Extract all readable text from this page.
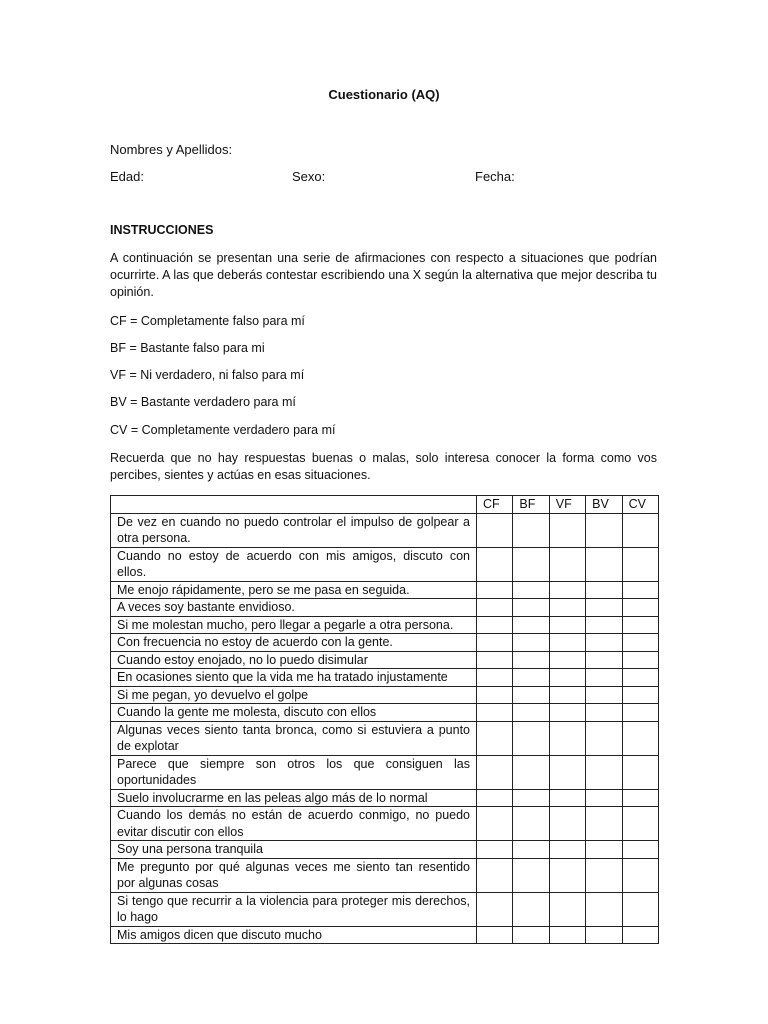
Cuestionario (AQ)
Nombres y Apellidos:
Edad:	Sexo:	Fecha:
INSTRUCCIONES
A continuación se presentan una serie de afirmaciones con respecto a situaciones que podrían ocurrirte. A las que deberás contestar escribiendo una X según la alternativa que mejor describa tu opinión.
CF = Completamente falso para mí
BF = Bastante falso para mi
VF = Ni verdadero, ni falso para mí
BV = Bastante verdadero para mí
CV = Completamente verdadero para mí
Recuerda que no hay respuestas buenas o malas, solo interesa conocer la forma como vos percibes, sientes y actúas en esas situaciones.
	CF	BF	VF	BV	CV
De vez en cuando no puedo controlar el impulso de golpear a otra persona.					
Cuando no estoy de acuerdo con mis amigos, discuto con ellos.					
Me enojo rápidamente, pero se me pasa en seguida.					
A veces soy bastante envidioso.					
Si me molestan mucho, pero llegar a pegarle a otra persona.					
Con frecuencia no estoy de acuerdo con la gente.					
Cuando estoy enojado, no lo puedo disimular					
En ocasiones siento que la vida me ha tratado injustamente					
Si me pegan, yo devuelvo el golpe					
Cuando la gente me molesta, discuto con ellos					
Algunas veces siento tanta bronca, como si estuviera a punto de explotar					
Parece que siempre son otros los que consiguen las oportunidades					
Suelo involucrarme en las peleas algo más de lo normal					
Cuando los demás no están de acuerdo conmigo, no puedo evitar discutir con ellos					
Soy una persona tranquila					
Me pregunto por qué algunas veces me siento tan resentido por algunas cosas					
Si tengo que recurrir a la violencia para proteger mis derechos, lo hago					
Mis amigos dicen que discuto mucho					
